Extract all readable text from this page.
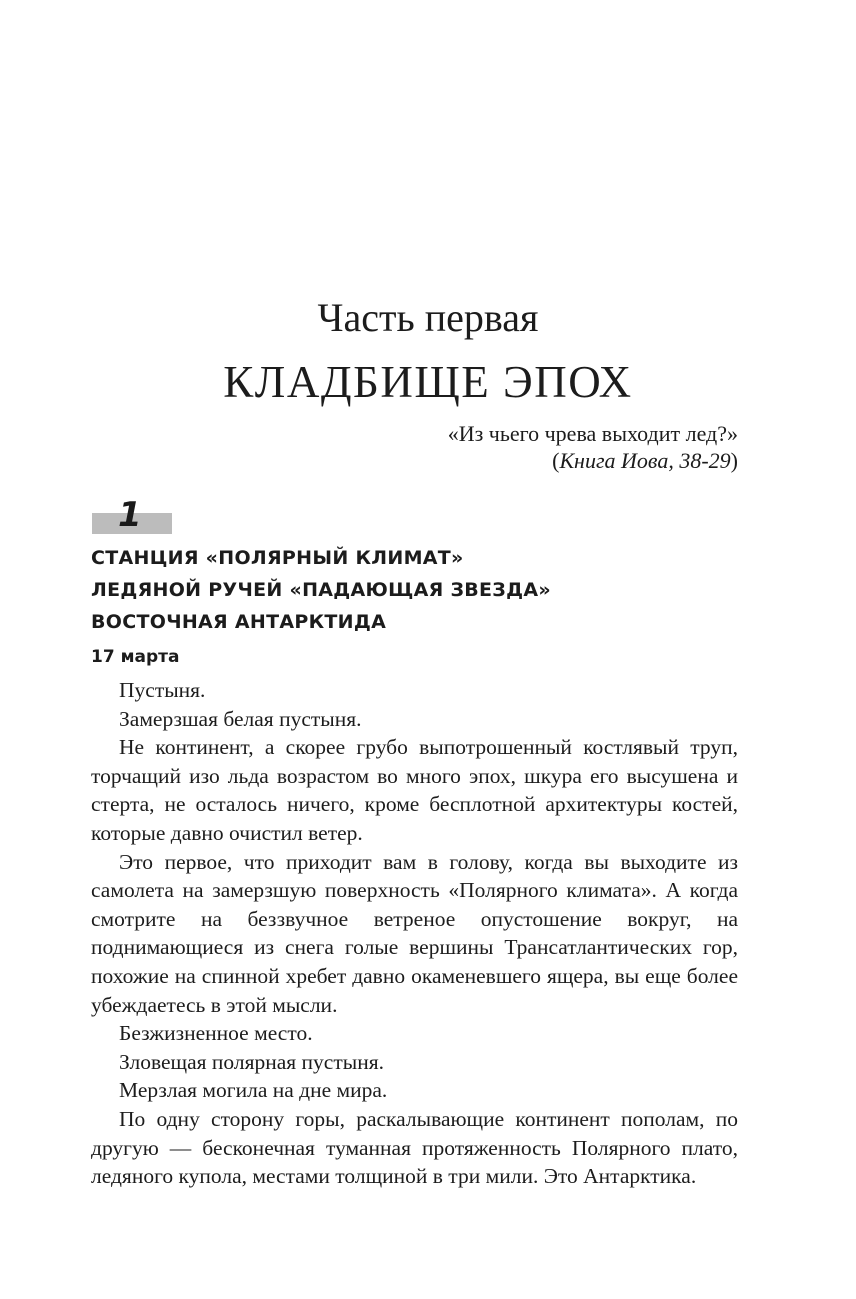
Часть первая
КЛАДБИЩЕ ЭПОХ
«Из чьего чрева выходит лед?»
(Книга Иова, 38-29)
1
СТАНЦИЯ «ПОЛЯРНЫЙ КЛИМАТ»
ЛЕДЯНОЙ РУЧЕЙ «ПАДАЮЩАЯ ЗВЕЗДА»
ВОСТОЧНАЯ АНТАРКТИДА
17 марта

Пустыня.

Замерзшая белая пустыня.

Не континент, а скорее грубо выпотрошенный костлявый труп, торчащий изо льда возрастом во много эпох, шкура его высушена и стерта, не осталось ничего, кроме бесплотной архитектуры костей, которые давно очистил ветер.

Это первое, что приходит вам в голову, когда вы выходите из самолета на замерзшую поверхность «Полярного климата». А когда смотрите на беззвучное ветреное опустошение вокруг, на поднимающиеся из снега голые вершины Трансатлантических гор, похожие на спинной хребет давно окаменевшего ящера, вы еще более убеждаетесь в этой мысли.

Безжизненное место.

Зловещая полярная пустыня.

Мерзлая могила на дне мира.

По одну сторону горы, раскалывающие континент пополам, по другую — бесконечная туманная протяженность Полярного плато, ледяного купола, местами толщиной в три мили. Это Антарктика.
